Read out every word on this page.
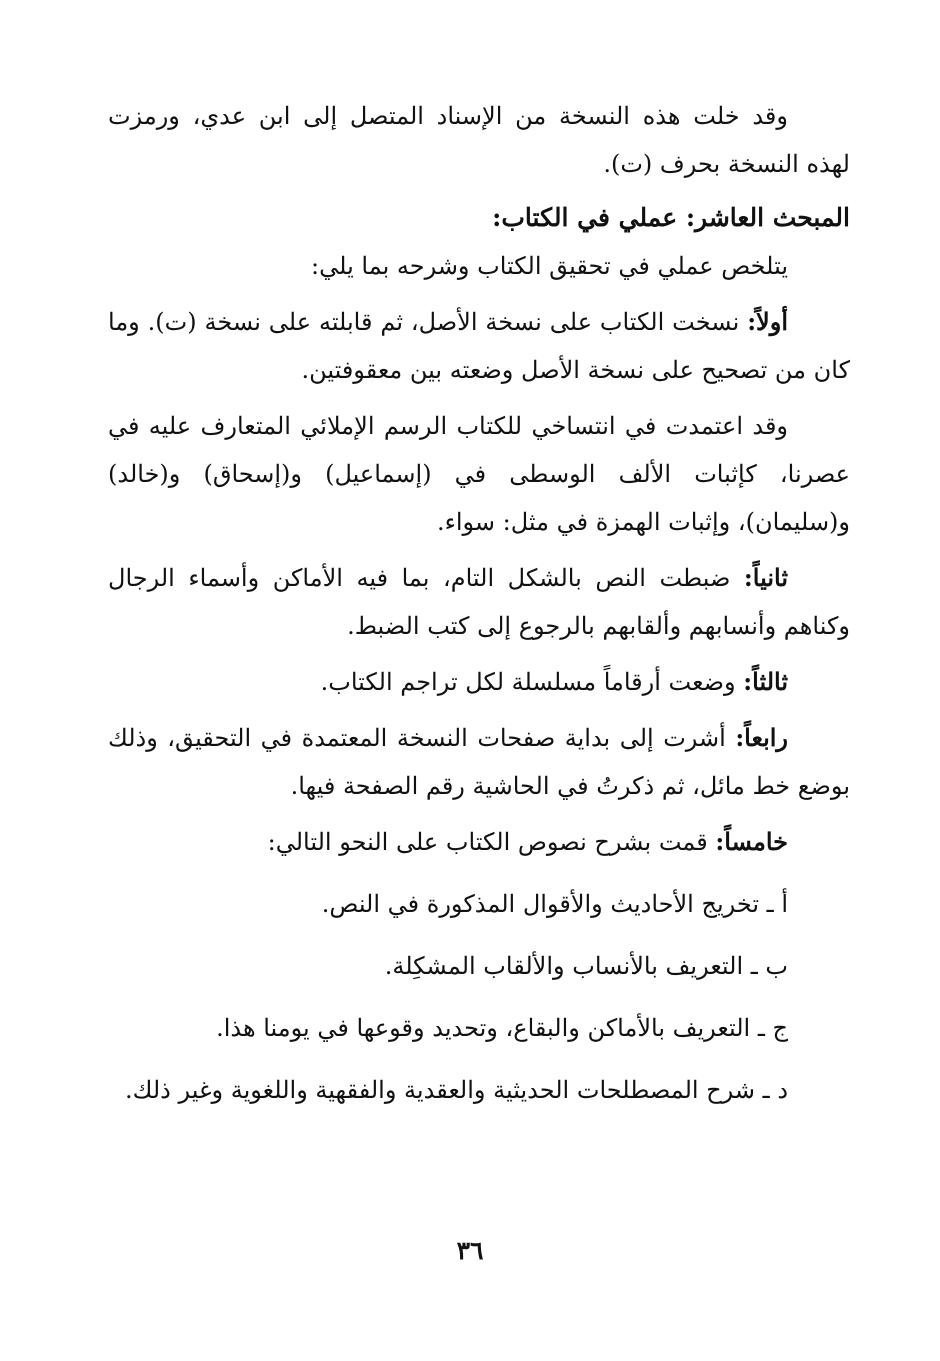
وقد خلت هذه النسخة من الإسناد المتصل إلى ابن عدي، ورمزت لهذه النسخة بحرف (ت).

المبحث العاشر: عملي في الكتاب:

يتلخص عملي في تحقيق الكتاب وشرحه بما يلي:

أولاً: نسخت الكتاب على نسخة الأصل، ثم قابلته على نسخة (ت). وما كان من تصحيح على نسخة الأصل وضعته بين معقوفتين.

وقد اعتمدت في انتساخي للكتاب الرسم الإملائي المتعارف عليه في عصرنا، كإثبات الألف الوسطى في (إسماعيل) و(إسحاق) و(خالد) و(سليمان)، وإثبات الهمزة في مثل: سواء.

ثانياً: ضبطت النص بالشكل التام، بما فيه الأماكن وأسماء الرجال وكناهم وأنسابهم وألقابهم بالرجوع إلى كتب الضبط.

ثالثاً: وضعت أرقاماً مسلسلة لكل تراجم الكتاب.

رابعاً: أشرت إلى بداية صفحات النسخة المعتمدة في التحقيق، وذلك بوضع خط مائل، ثم ذكرتُ في الحاشية رقم الصفحة فيها.

خامساً: قمت بشرح نصوص الكتاب على النحو التالي:

أ ـ تخريج الأحاديث والأقوال المذكورة في النص.

ب ـ التعريف بالأنساب والألقاب المشكِلة.

ج ـ التعريف بالأماكن والبقاع، وتحديد وقوعها في يومنا هذا.

د ـ شرح المصطلحات الحديثية والعقدية والفقهية واللغوية وغير ذلك.

٣٦
